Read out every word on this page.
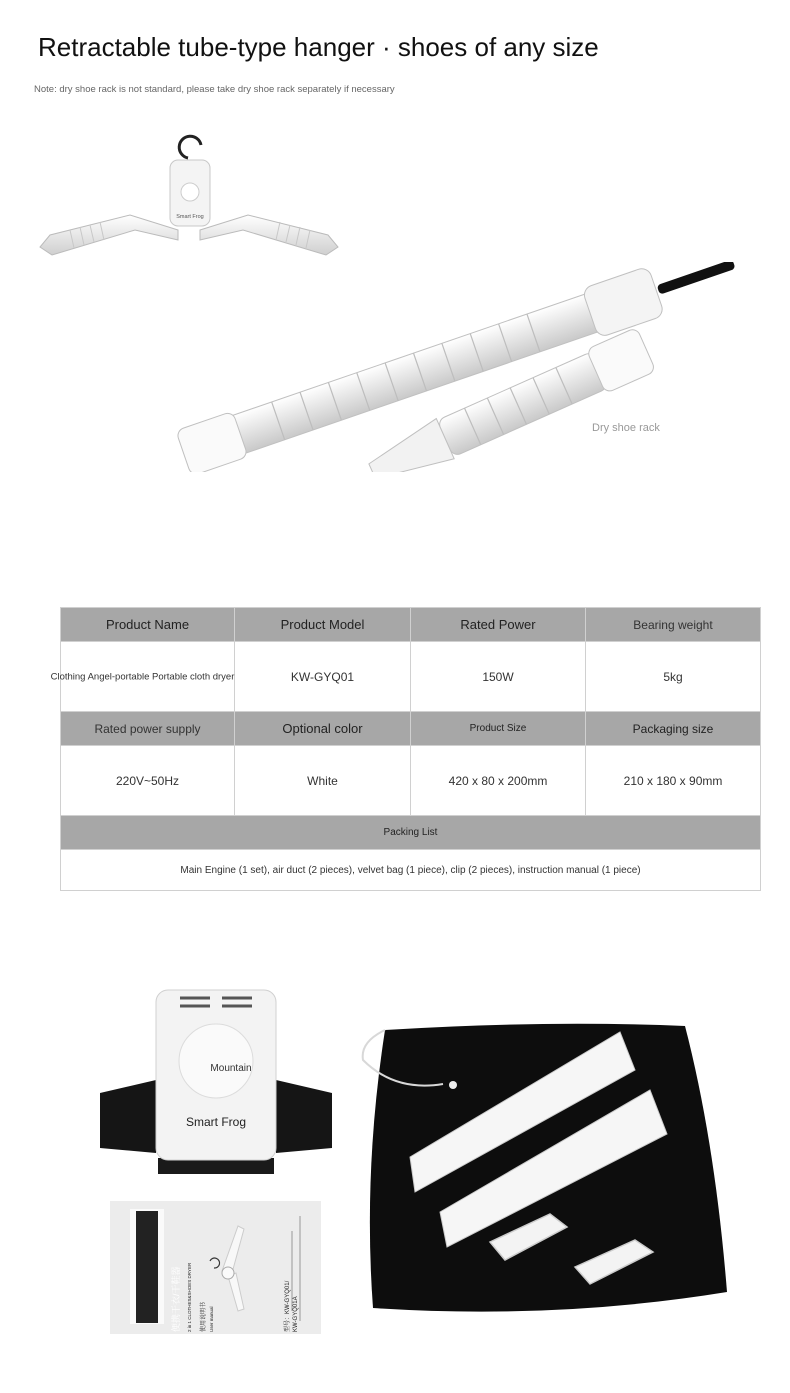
Retractable tube-type hanger · shoes of any size
Note: dry shoe rack is not standard, please take dry shoe rack separately if necessary
Smart Frog
Dry shoe rack
Product Name	Product Model	Rated Power	Bearing weight

Clothing Angel-portable Portable cloth dryer	KW-GYQ01	150W	5kg
Rated power supply	Optional color	Product Size	Packaging size
220V~50Hz	White	420 x 80 x 200mm	210 x 180 x 90mm
Packing List			
Main Engine (1 set), air duct (2 pieces), velvet bag (1 piece), clip (2 pieces), instruction manual (1 piece)			
Mountain
Smart Frog
便携干衣/干鞋器 2 in 1 CLOTHES&SHOES DRYER	使用说明书 User manual	型号：KW-GYQ01/ KW-GYQ01A
